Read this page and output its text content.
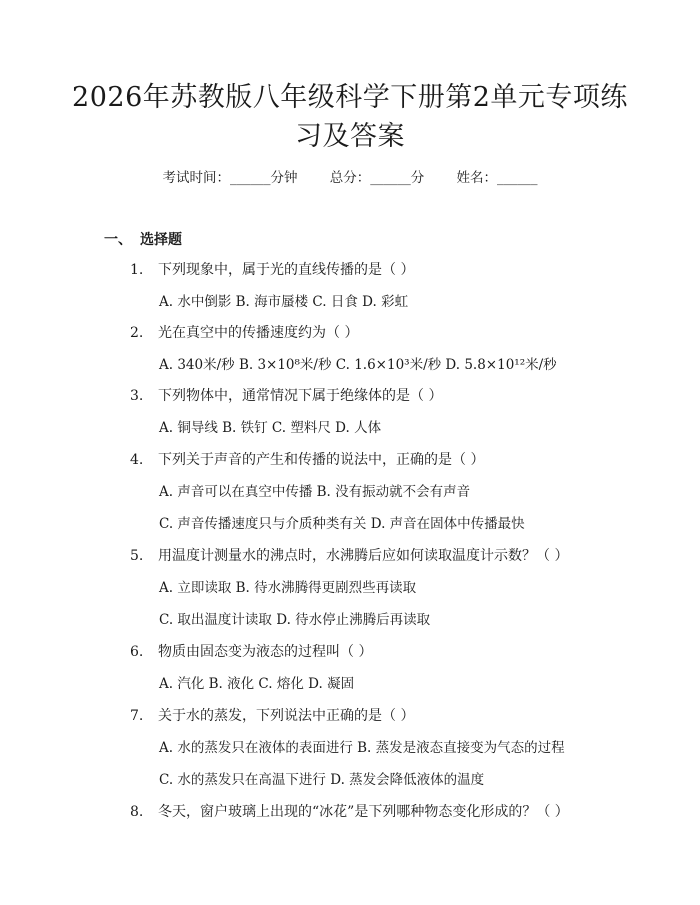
2026年苏教版八年级科学下册第2单元专项练习及答案
考试时间：______分钟 总分：______分 姓名：______
一、 选择题
1. 下列现象中，属于光的直线传播的是（ ）
A. 水中倒影 B. 海市蜃楼 C. 日食 D. 彩虹
2. 光在真空中的传播速度约为（ ）
A. 340米/秒 B. 3×10⁸米/秒 C. 1.6×10³米/秒 D. 5.8×10¹²米/秒
3. 下列物体中，通常情况下属于绝缘体的是（ ）
A. 铜导线 B. 铁钉 C. 塑料尺 D. 人体
4. 下列关于声音的产生和传播的说法中，正确的是（ ）
A. 声音可以在真空中传播 B. 没有振动就不会有声音
C. 声音传播速度只与介质种类有关 D. 声音在固体中传播最快
5. 用温度计测量水的沸点时，水沸腾后应如何读取温度计示数？（ ）
A. 立即读取 B. 待水沸腾得更剧烈些再读取
C. 取出温度计读取 D. 待水停止沸腾后再读取
6. 物质由固态变为液态的过程叫（ ）
A. 汽化 B. 液化 C. 熔化 D. 凝固
7. 关于水的蒸发，下列说法中正确的是（ ）
A. 水的蒸发只在液体的表面进行 B. 蒸发是液态直接变为气态的过程
C. 水的蒸发只在高温下进行 D. 蒸发会降低液体的温度
8. 冬天，窗户玻璃上出现的“冰花”是下列哪种物态变化形成的？（ ）
